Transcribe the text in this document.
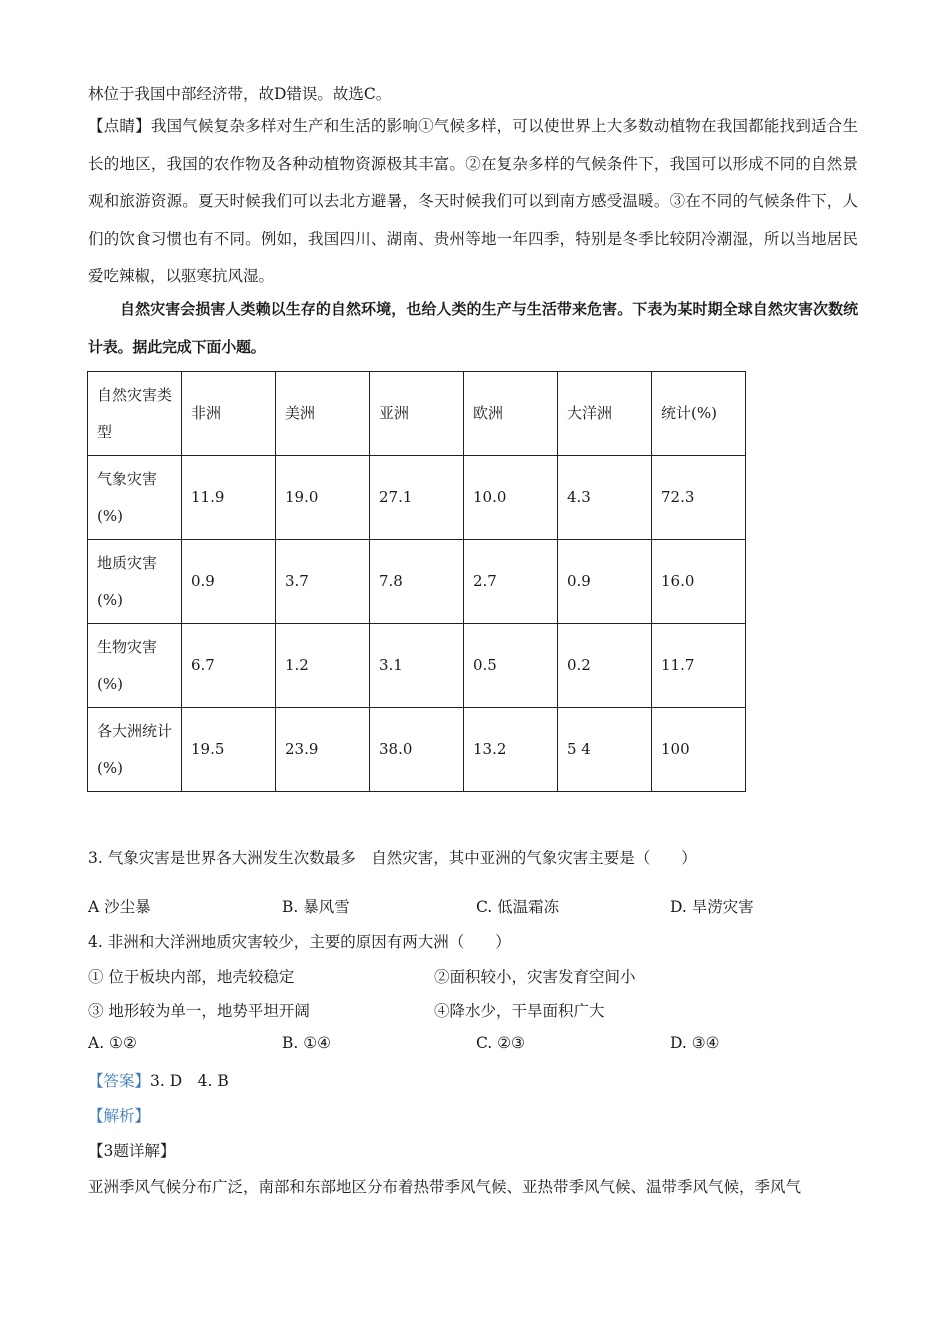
林位于我国中部经济带，故D错误。故选C。
【点睛】我国气候复杂多样对生产和生活的影响①气候多样，可以使世界上大多数动植物在我国都能找到适合生长的地区，我国的农作物及各种动植物资源极其丰富。②在复杂多样的气候条件下，我国可以形成不同的自然景观和旅游资源。夏天时候我们可以去北方避暑，冬天时候我们可以到南方感受温暖。③在不同的气候条件下，人们的饮食习惯也有不同。例如，我国四川、湖南、贵州等地一年四季，特别是冬季比较阴冷潮湿，所以当地居民爱吃辣椒，以驱寒抗风湿。
自然灾害会损害人类赖以生存的自然环境，也给人类的生产与生活带来危害。下表为某时期全球自然灾害次数统计表。据此完成下面小题。
自然灾害类型	非洲	美洲	亚洲	欧洲	大洋洲	统计(%)
气象灾害(%)	11.9	19.0	27.1	10.0	4.3	72.3
地质灾害(%)	0.9	3.7	7.8	2.7	0.9	16.0
生物灾害(%)	6.7	1.2	3.1	0.5	0.2	11.7
各大洲统计(%)	19.5	23.9	38.0	13.2	5 4	100
3. 气象灾害是世界各大洲发生次数最多　自然灾害，其中亚洲的气象灾害主要是（　　）
A 沙尘暴	B. 暴风雪	C. 低温霜冻	D. 旱涝灾害
4. 非洲和大洋洲地质灾害较少，主要的原因有两大洲（　　）
① 位于板块内部，地壳较稳定	②面积较小，灾害发育空间小
③ 地形较为单一，地势平坦开阔	④降水少，干旱面积广大
A. ①②	B. ①④	C. ②③	D. ③④
【答案】3. D　4. B
【解析】
【3题详解】
亚洲季风气候分布广泛，南部和东部地区分布着热带季风气候、亚热带季风气候、温带季风气候，季风气
